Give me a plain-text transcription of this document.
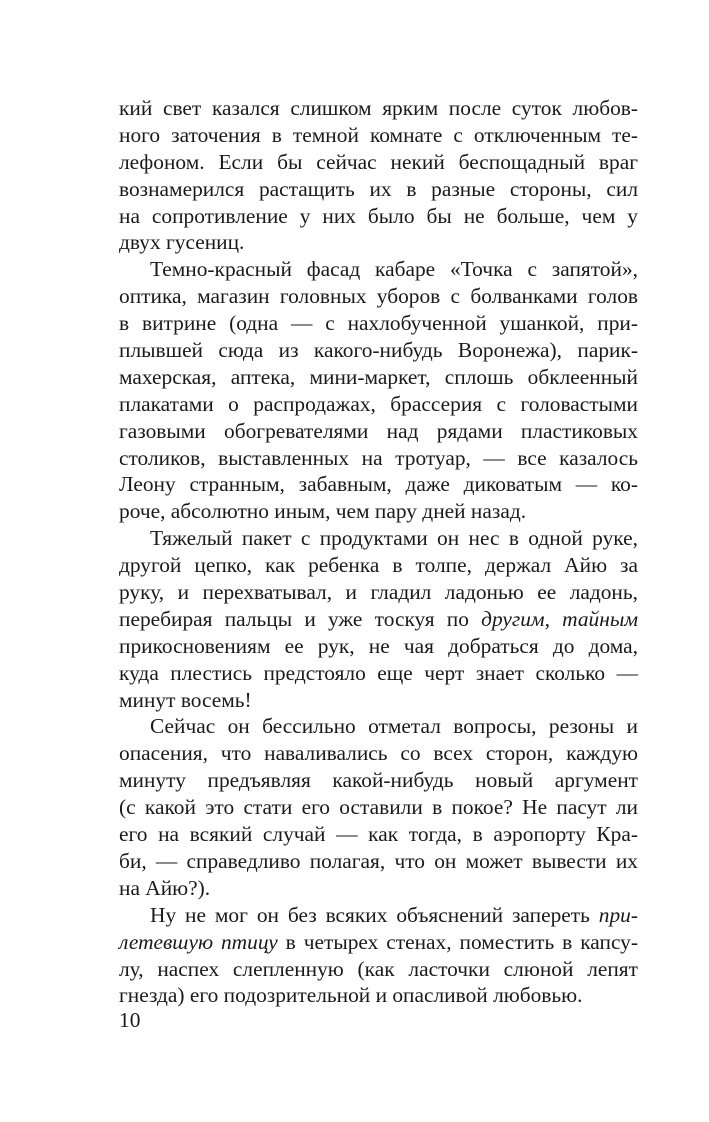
кий свет казался слишком ярким после суток любов-
ного заточения в темной комнате с отключенным те-
лефоном. Если бы сейчас некий беспощадный враг
вознамерился растащить их в разные стороны, сил
на сопротивление у них было бы не больше, чем у
двух гусениц.
Темно-красный фасад кабаре «Точка с запятой»,
оптика, магазин головных уборов с болванками голов
в витрине (одна — с нахлобученной ушанкой, при-
плывшей сюда из какого-нибудь Воронежа), парик-
махерская, аптека, мини-маркет, сплошь обклеенный
плакатами о распродажах, брассерия с головастыми
газовыми обогревателями над рядами пластиковых
столиков, выставленных на тротуар, — все казалось
Леону странным, забавным, даже диковатым — ко-
роче, абсолютно иным, чем пару дней назад.
Тяжелый пакет с продуктами он нес в одной руке,
другой цепко, как ребенка в толпе, держал Айю за
руку, и перехватывал, и гладил ладонью ее ладонь,
перебирая пальцы и уже тоскуя по другим, тайным
прикосновениям ее рук, не чая добраться до дома,
куда плестись предстояло еще черт знает сколько —
минут восемь!
Сейчас он бессильно отметал вопросы, резоны и
опасения, что наваливались со всех сторон, каждую
минуту предъявляя какой-нибудь новый аргумент
(с какой это стати его оставили в покое? Не пасут ли
его на всякий случай — как тогда, в аэропорту Кра-
би, — справедливо полагая, что он может вывести их
на Айю?).
Ну не мог он без всяких объяснений запереть при-
летевшую птицу в четырех стенах, поместить в капсу-
лу, наспех слепленную (как ласточки слюной лепят
гнезда) его подозрительной и опасливой любовью.
10
